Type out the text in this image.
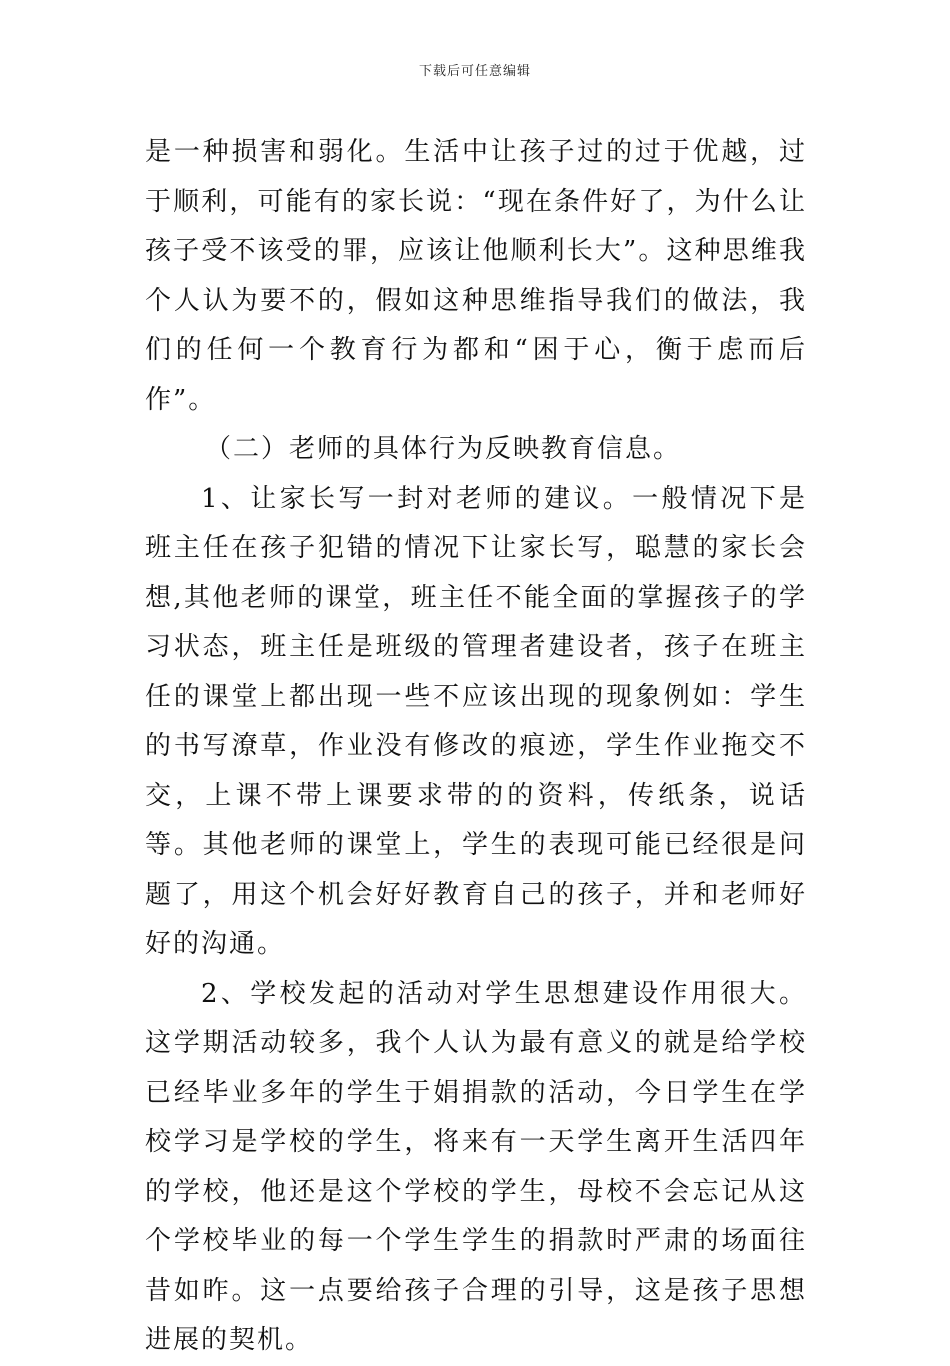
下载后可任意编辑

是一种损害和弱化。生活中让孩子过的过于优越，过于顺利，可能有的家长说：“现在条件好了，为什么让孩子受不该受的罪，应该让他顺利长大”。这种思维我个人认为要不的，假如这种思维指导我们的做法，我们的任何一个教育行为都和“困于心，衡于虑而后作”。

（二）老师的具体行为反映教育信息。

1、让家长写一封对老师的建议。一般情况下是班主任在孩子犯错的情况下让家长写，聪慧的家长会想,其他老师的课堂，班主任不能全面的掌握孩子的学习状态，班主任是班级的管理者建设者，孩子在班主任的课堂上都出现一些不应该出现的现象例如：学生的书写潦草，作业没有修改的痕迹，学生作业拖交不交，上课不带上课要求带的的资料，传纸条，说话等。其他老师的课堂上，学生的表现可能已经很是问题了，用这个机会好好教育自己的孩子，并和老师好好的沟通。

2、学校发起的活动对学生思想建设作用很大。这学期活动较多，我个人认为最有意义的就是给学校已经毕业多年的学生于娟捐款的活动，今日学生在学校学习是学校的学生，将来有一天学生离开生活四年的学校，他还是这个学校的学生，母校不会忘记从这个学校毕业的每一个学生学生的捐款时严肃的场面往昔如昨。这一点要给孩子合理的引导，这是孩子思想进展的契机。
